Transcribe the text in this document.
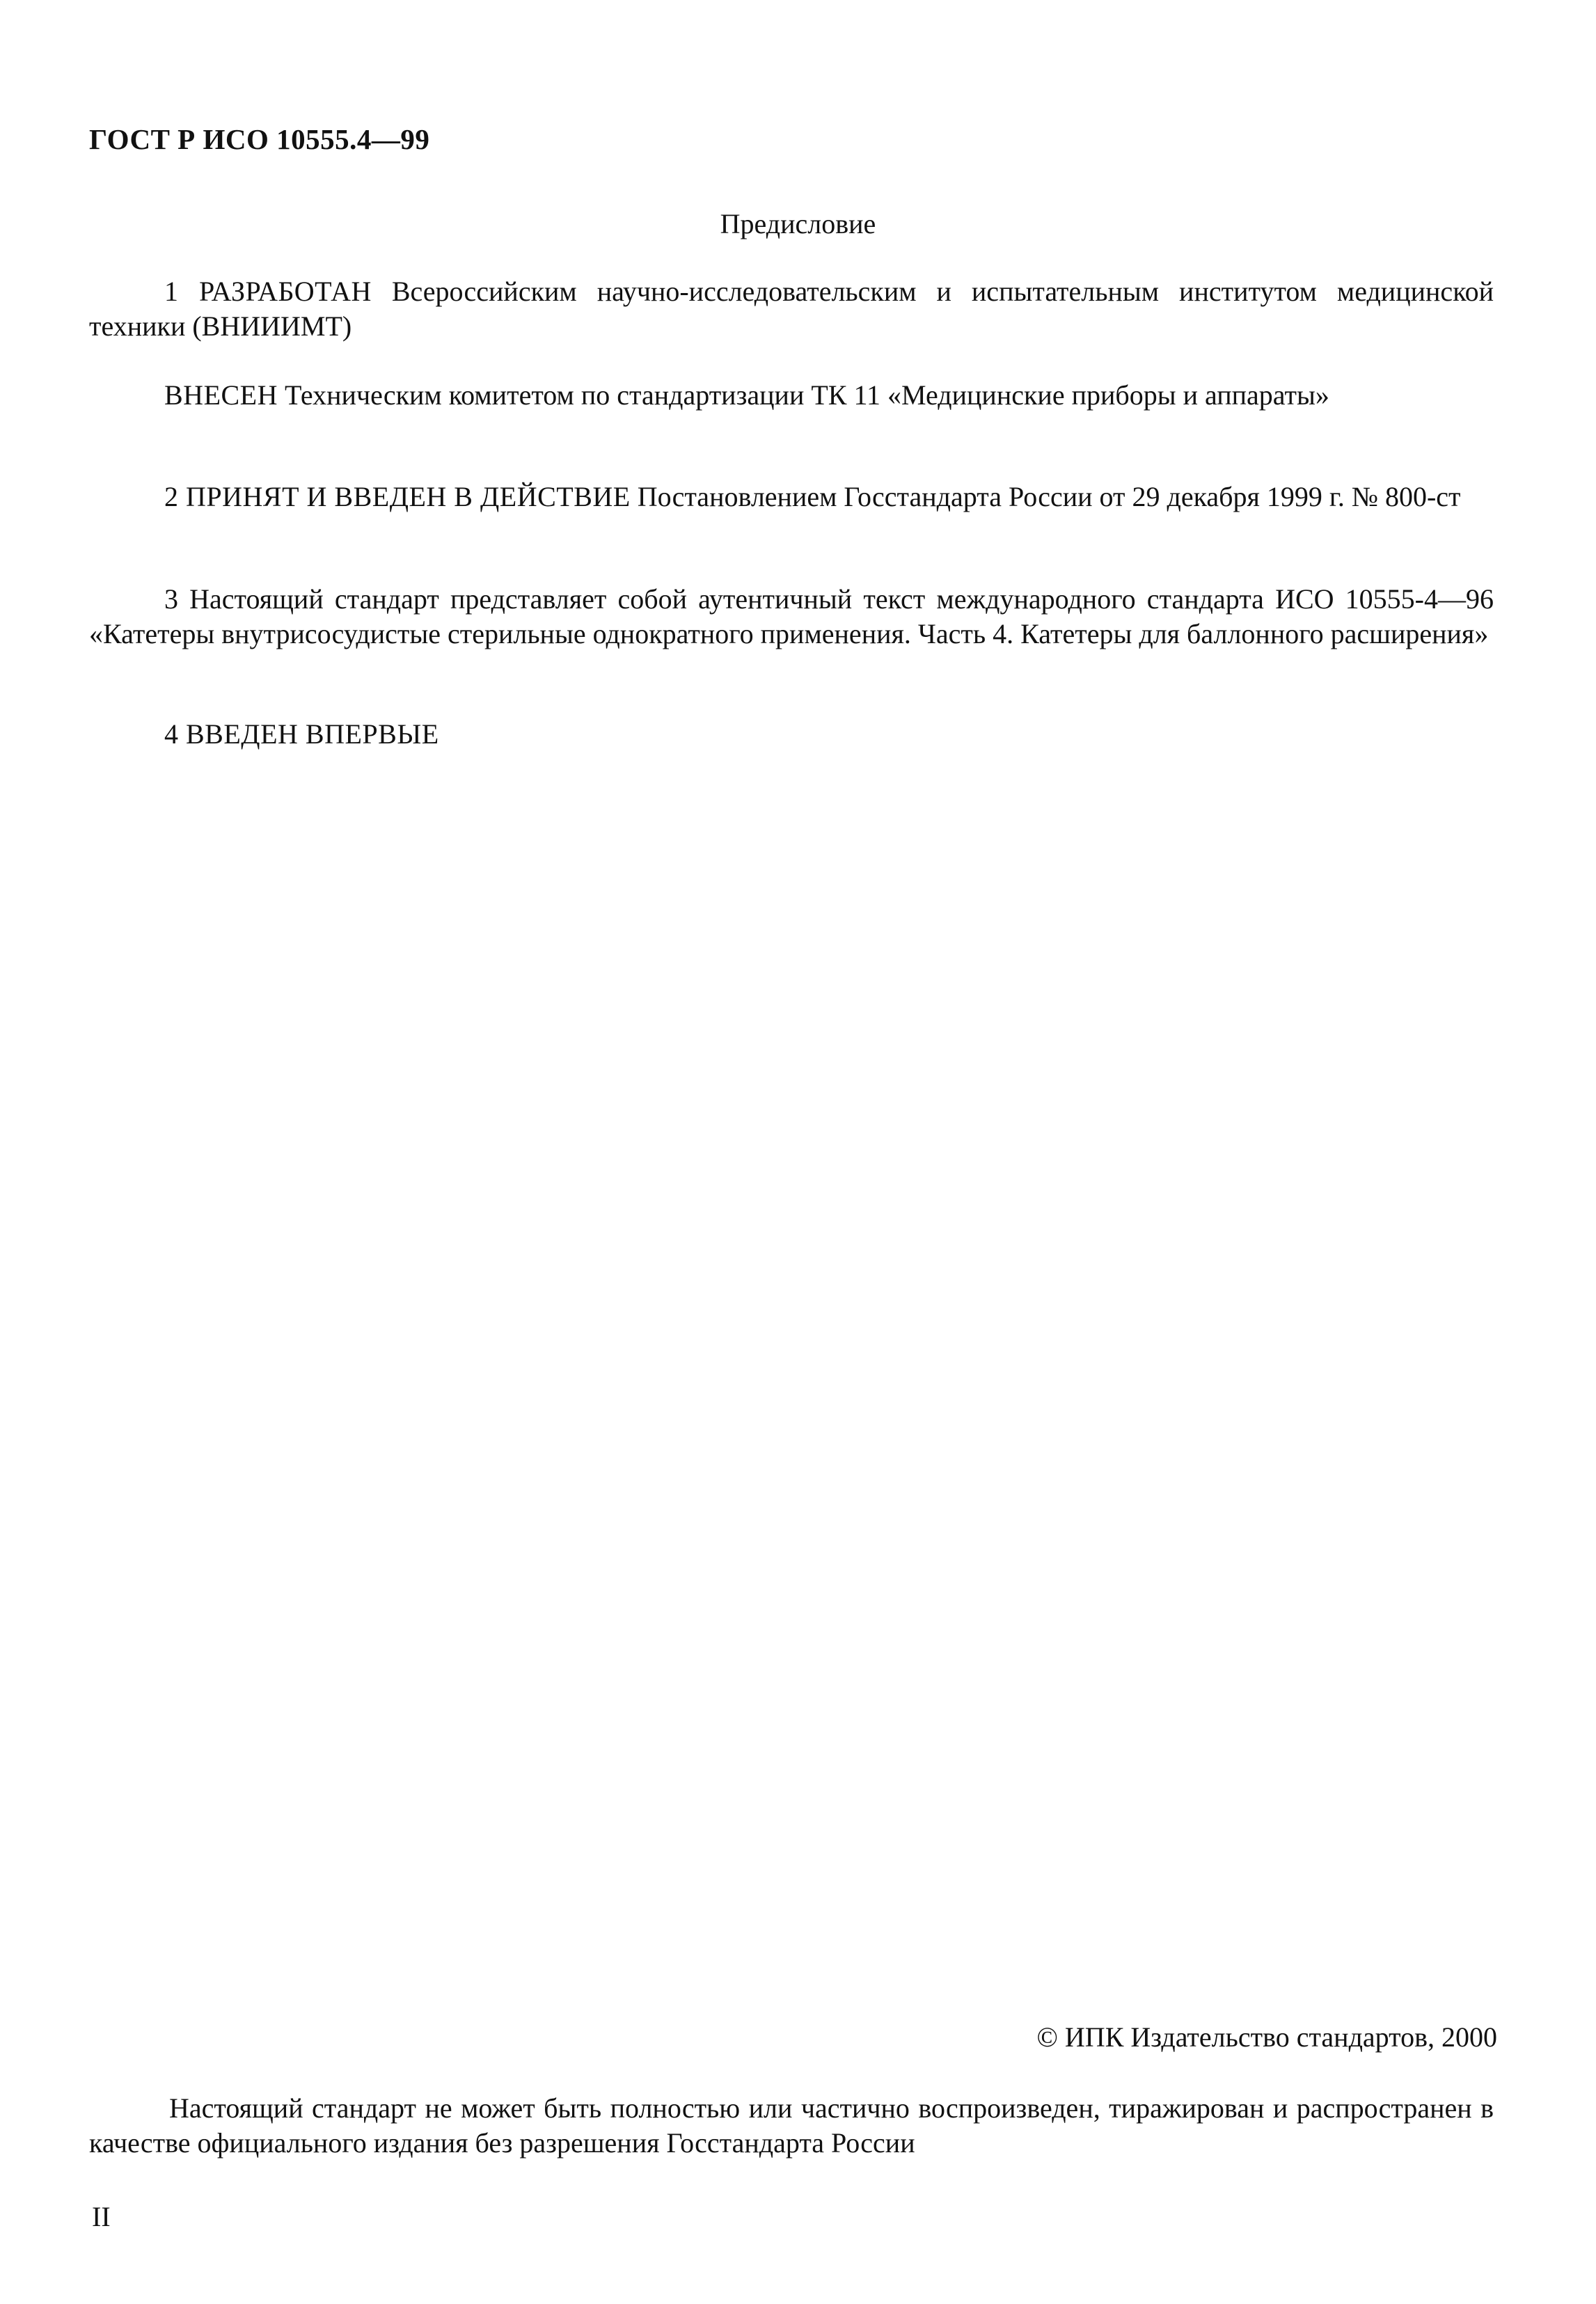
ГОСТ Р ИСО 10555.4—99
Предисловие

1 РАЗРАБОТАН Всероссийским научно-исследовательским и испытательным институтом медицинской техники (ВНИИИМТ)

ВНЕСЕН Техническим комитетом по стандартизации ТК 11 «Медицинские приборы и аппараты»

2 ПРИНЯТ И ВВЕДЕН В ДЕЙСТВИЕ Постановлением Госстандарта России от 29 декабря 1999 г. № 800-ст

3 Настоящий стандарт представляет собой аутентичный текст международного стандарта ИСО 10555-4—96 «Катетеры внутрисосудистые стерильные однократного применения. Часть 4. Катетеры для баллонного расширения»

4 ВВЕДЕН ВПЕРВЫЕ

© ИПК Издательство стандартов, 2000

Настоящий стандарт не может быть полностью или частично воспроизведен, тиражирован и распространен в качестве официального издания без разрешения Госстандарта России

II
